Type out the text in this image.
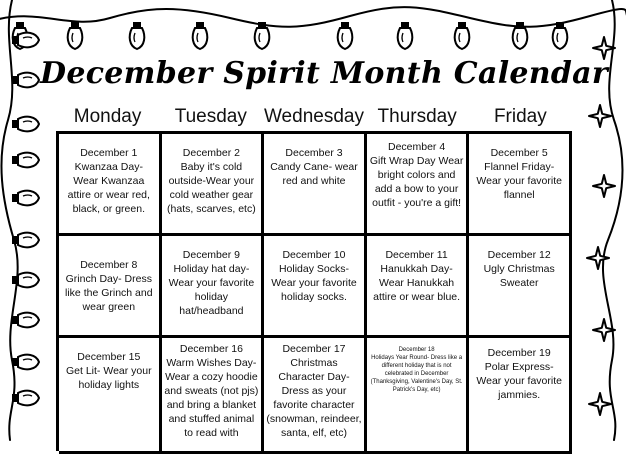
December Spirit Month Calendar
Monday	Tuesday Wednesday Thursday	Friday
December 1
Kwanzaa Day- Wear Kwanzaa attire or wear red, black, or green.
December 2
Baby it's cold outside-Wear your cold weather gear (hats, scarves, etc)
December 3
Candy Cane- wear red and white
December 4
Gift Wrap Day Wear bright colors and add a bow to your outfit - you're a gift!
December 5
Flannel Friday- Wear your favorite flannel
December 8
Grinch Day- Dress like the Grinch and wear green
December 9
Holiday hat day- Wear your favorite holiday hat/headband
December 10
Holiday Socks- Wear your favorite holiday socks.
December 11
Hanukkah Day- Wear Hanukkah attire or wear blue.
December 12
Ugly Christmas Sweater
December 15
Get Lit- Wear your holiday lights
December 16
Warm Wishes Day- Wear a cozy hoodie and sweats (not pjs) and bring a blanket and stuffed animal to read with
December 17
Christmas Character Day- Dress as your favorite character (snowman, reindeer, santa, elf, etc)
December 18
Holidays Year Round- Dress like a different holiday that is not celebrated in December (Thanksgiving, Valentine's Day, St. Patrick's Day, etc)
December 19
Polar Express- Wear your favorite jammies.
